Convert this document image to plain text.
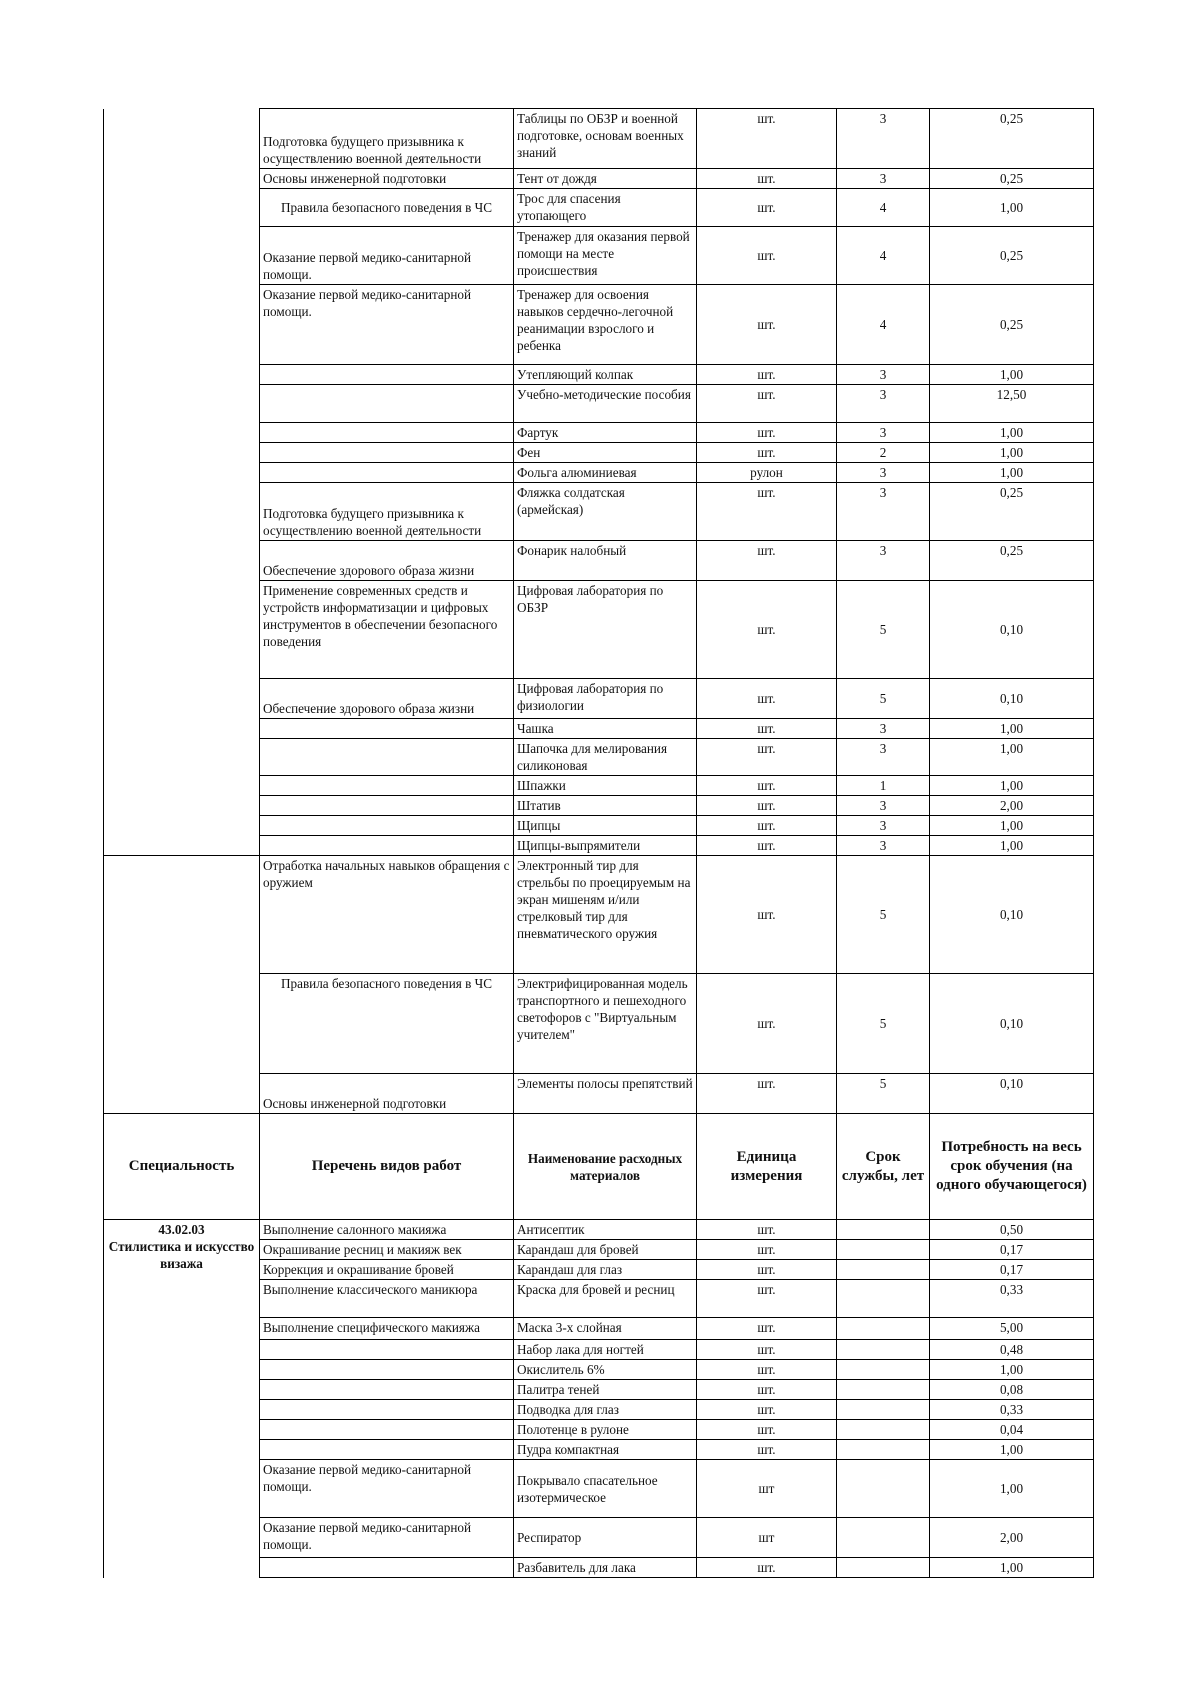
	Подготовка будущего призывника к осуществлению военной деятельности	Таблицы по ОБЗР и военной подготовке, основам военных знаний	шт.	3	0,25
	Основы инженерной подготовки	Тент от дождя	шт.	3	0,25
	Правила безопасного поведения в ЧС	Трос для спасения утопающего	шт.	4	1,00
	Оказание первой медико-санитарной помощи.	Тренажер для оказания первой помощи на месте происшествия	шт.	4	0,25
	Оказание первой медико-санитарной помощи.	Тренажер для освоения навыков сердечно-легочной реанимации взрослого и ребенка	шт.	4	0,25
		Утепляющий колпак	шт.	3	1,00
		Учебно-методические пособия	шт.	3	12,50
		Фартук	шт.	3	1,00
		Фен	шт.	2	1,00
		Фольга алюминиевая	рулон	3	1,00
	Подготовка будущего призывника к осуществлению военной деятельности	Фляжка солдатская (армейская)	шт.	3	0,25
	Обеспечение здорового образа жизни	Фонарик налобный	шт.	3	0,25
	Применение современных средств и устройств информатизации и цифровых инструментов в обеспечении безопасного поведения	Цифровая лаборатория по ОБЗР	шт.	5	0,10
	Обеспечение здорового образа жизни	Цифровая лаборатория по физиологии	шт.	5	0,10
		Чашка	шт.	3	1,00
		Шапочка для мелирования силиконовая	шт.	3	1,00
		Шпажки	шт.	1	1,00
		Штатив	шт.	3	2,00
		Щипцы	шт.	3	1,00
		Щипцы-выпрямители	шт.	3	1,00
	Отработка начальных навыков обращения с оружием	Электронный тир для стрельбы по проецируемым на экран мишеням и/или стрелковый тир для пневматического оружия	шт.	5	0,10
	Правила безопасного поведения в ЧС	Электрифицированная модель транспортного и пешеходного светофоров с "Виртуальным учителем"	шт.	5	0,10
	Основы инженерной подготовки	Элементы полосы препятствий	шт.	5	0,10
Специальность	Перечень видов работ	Наименование расходных материалов	Единица измерения	Срок службы, лет	Потребность на весь срок обучения (на одного обучающегося)

43.02.03
Стилистика и искусство визажа	Выполнение салонного макияжа	Антисептик	шт.		0,50
	Окрашивание ресниц и макияж век	Карандаш для бровей	шт.		0,17
	Коррекция и окрашивание бровей	Карандаш для глаз	шт.		0,17
	Выполнение классического маникюра	Краска для бровей и ресниц	шт.		0,33
	Выполнение специфического макияжа	Маска 3-х слойная	шт.		5,00
		Набор лака для ногтей	шт.		0,48
		Окислитель 6%	шт.		1,00
		Палитра теней	шт.		0,08
		Подводка для глаз	шт.		0,33
		Полотенце в рулоне	шт.		0,04
		Пудра компактная	шт.		1,00
	Оказание первой медико-санитарной помощи.	Покрывало спасательное изотермическое	шт		1,00
	Оказание первой медико-санитарной помощи.	Респиратор	шт		2,00
		Разбавитель для лака	шт.		1,00
